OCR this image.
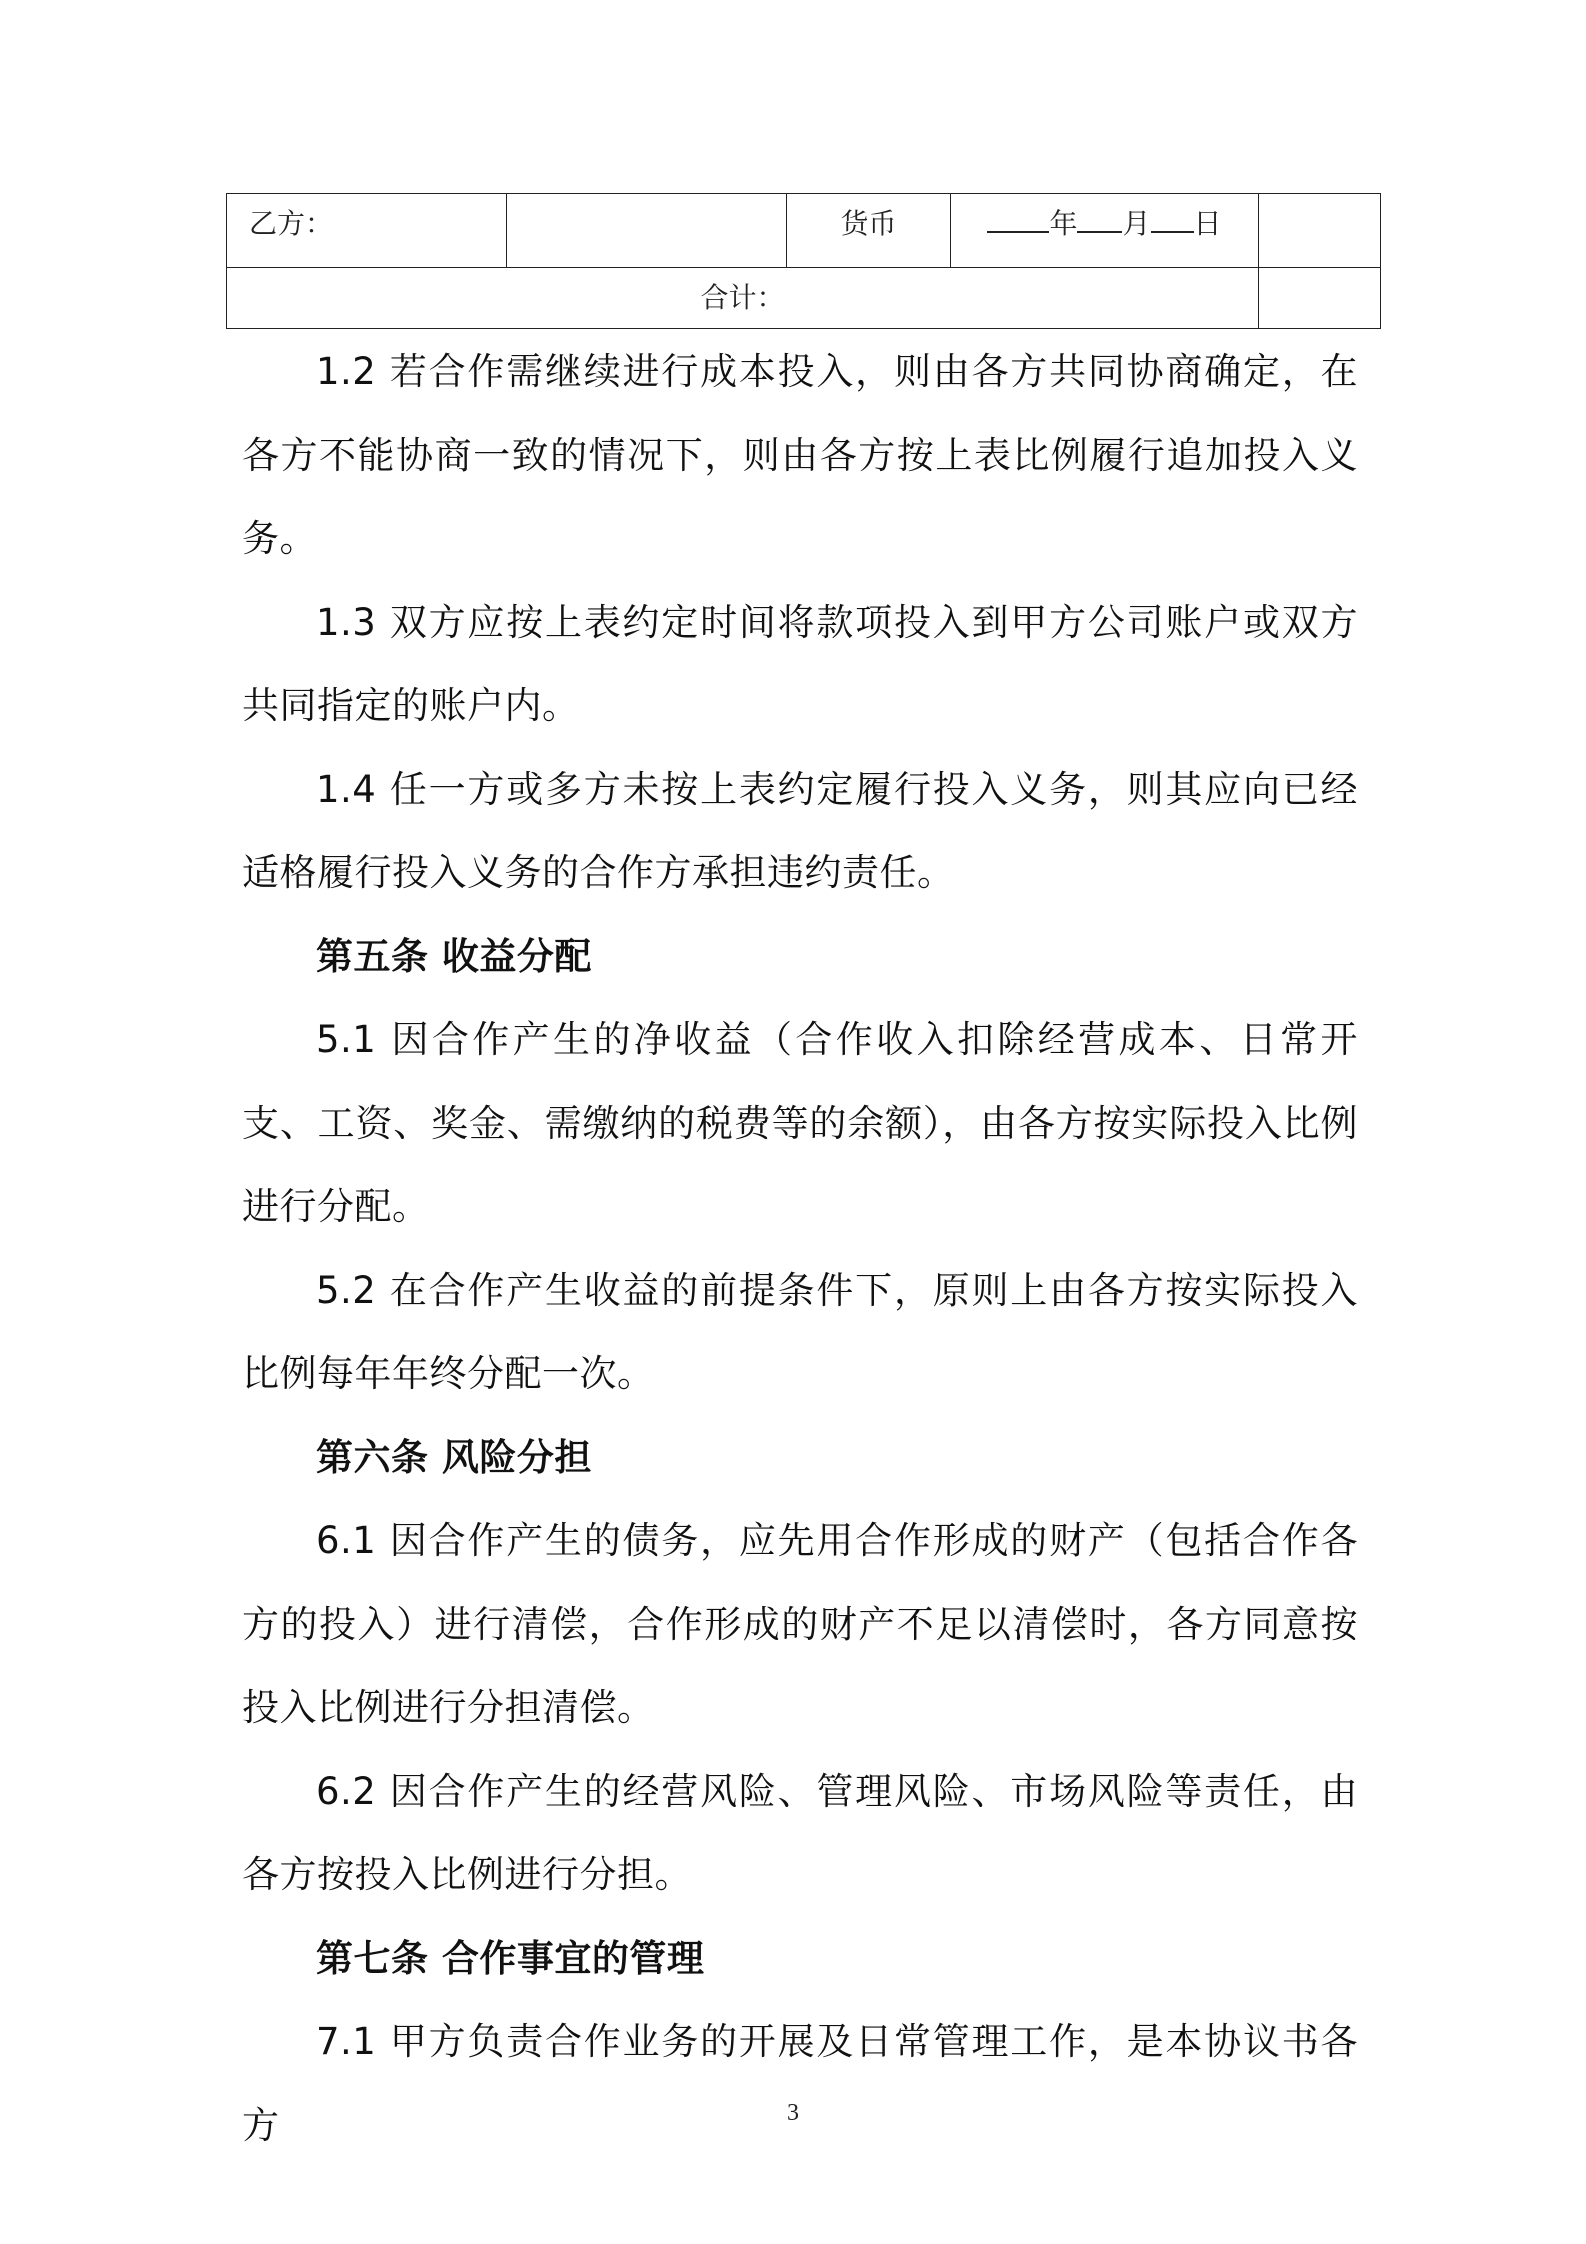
乙方：		货币	年 月 日	

合计：				

1.2 若合作需继续进行成本投入，则由各方共同协商确定，在各方不能协商一致的情况下，则由各方按上表比例履行追加投入义务。

1.3 双方应按上表约定时间将款项投入到甲方公司账户或双方共同指定的账户内。

1.4 任一方或多方未按上表约定履行投入义务，则其应向已经适格履行投入义务的合作方承担违约责任。

第五条 收益分配

5.1 因合作产生的净收益（合作收入扣除经营成本、日常开支、工资、奖金、需缴纳的税费等的余额），由各方按实际投入比例进行分配。

5.2 在合作产生收益的前提条件下，原则上由各方按实际投入比例每年年终分配一次。

第六条 风险分担

6.1 因合作产生的债务，应先用合作形成的财产（包括合作各方的投入）进行清偿，合作形成的财产不足以清偿时，各方同意按投入比例进行分担清偿。

6.2 因合作产生的经营风险、管理风险、市场风险等责任，由各方按投入比例进行分担。

第七条 合作事宜的管理

7.1 甲方负责合作业务的开展及日常管理工作，是本协议书各方	3
